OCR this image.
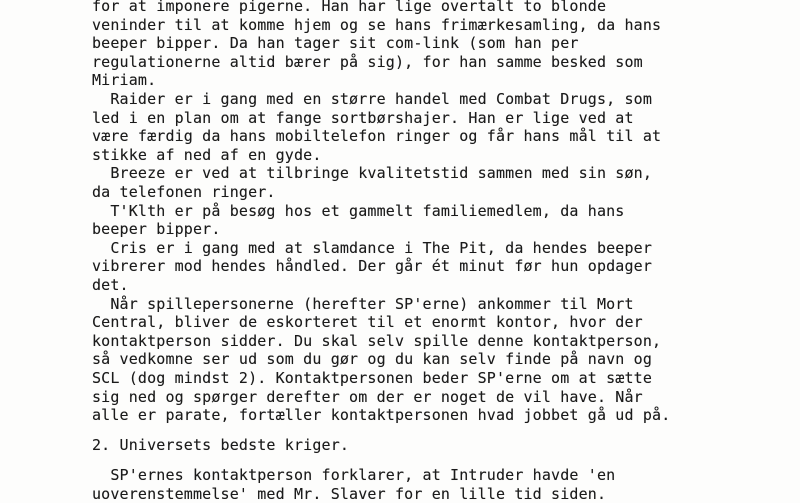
for at imponere pigerne. Han har lige overtalt to blonde
veninder til at komme hjem og se hans frimærkesamling, da hans
beeper bipper. Da han tager sit com-link (som han per
regulationerne altid bærer på sig), for han samme besked som
Miriam.
Raider er i gang med en større handel med Combat Drugs, som
led i en plan om at fange sortbørshajer. Han er lige ved at
være færdig da hans mobiltelefon ringer og får hans mål til at
stikke af ned af en gyde.
Breeze er ved at tilbringe kvalitetstid sammen med sin søn,
da telefonen ringer.
T'Klth er på besøg hos et gammelt familiemedlem, da hans
beeper bipper.
Cris er i gang med at slamdance i The Pit, da hendes beeper
vibrerer mod hendes håndled. Der går ét minut før hun opdager
det.
Når spillepersonerne (herefter SP'erne) ankommer til Mort
Central, bliver de eskorteret til et enormt kontor, hvor der
kontaktperson sidder. Du skal selv spille denne kontaktperson,
så vedkomne ser ud som du gør og du kan selv finde på navn og
SCL (dog mindst 2). Kontaktpersonen beder SP'erne om at sætte
sig ned og spørger derefter om der er noget de vil have. Når
alle er parate, fortæller kontaktpersonen hvad jobbet gå ud på.
2. Universets bedste kriger.
SP'ernes kontaktperson forklarer, at Intruder havde 'en
uoverenstemmelse' med Mr. Slaver for en lille tid siden.
